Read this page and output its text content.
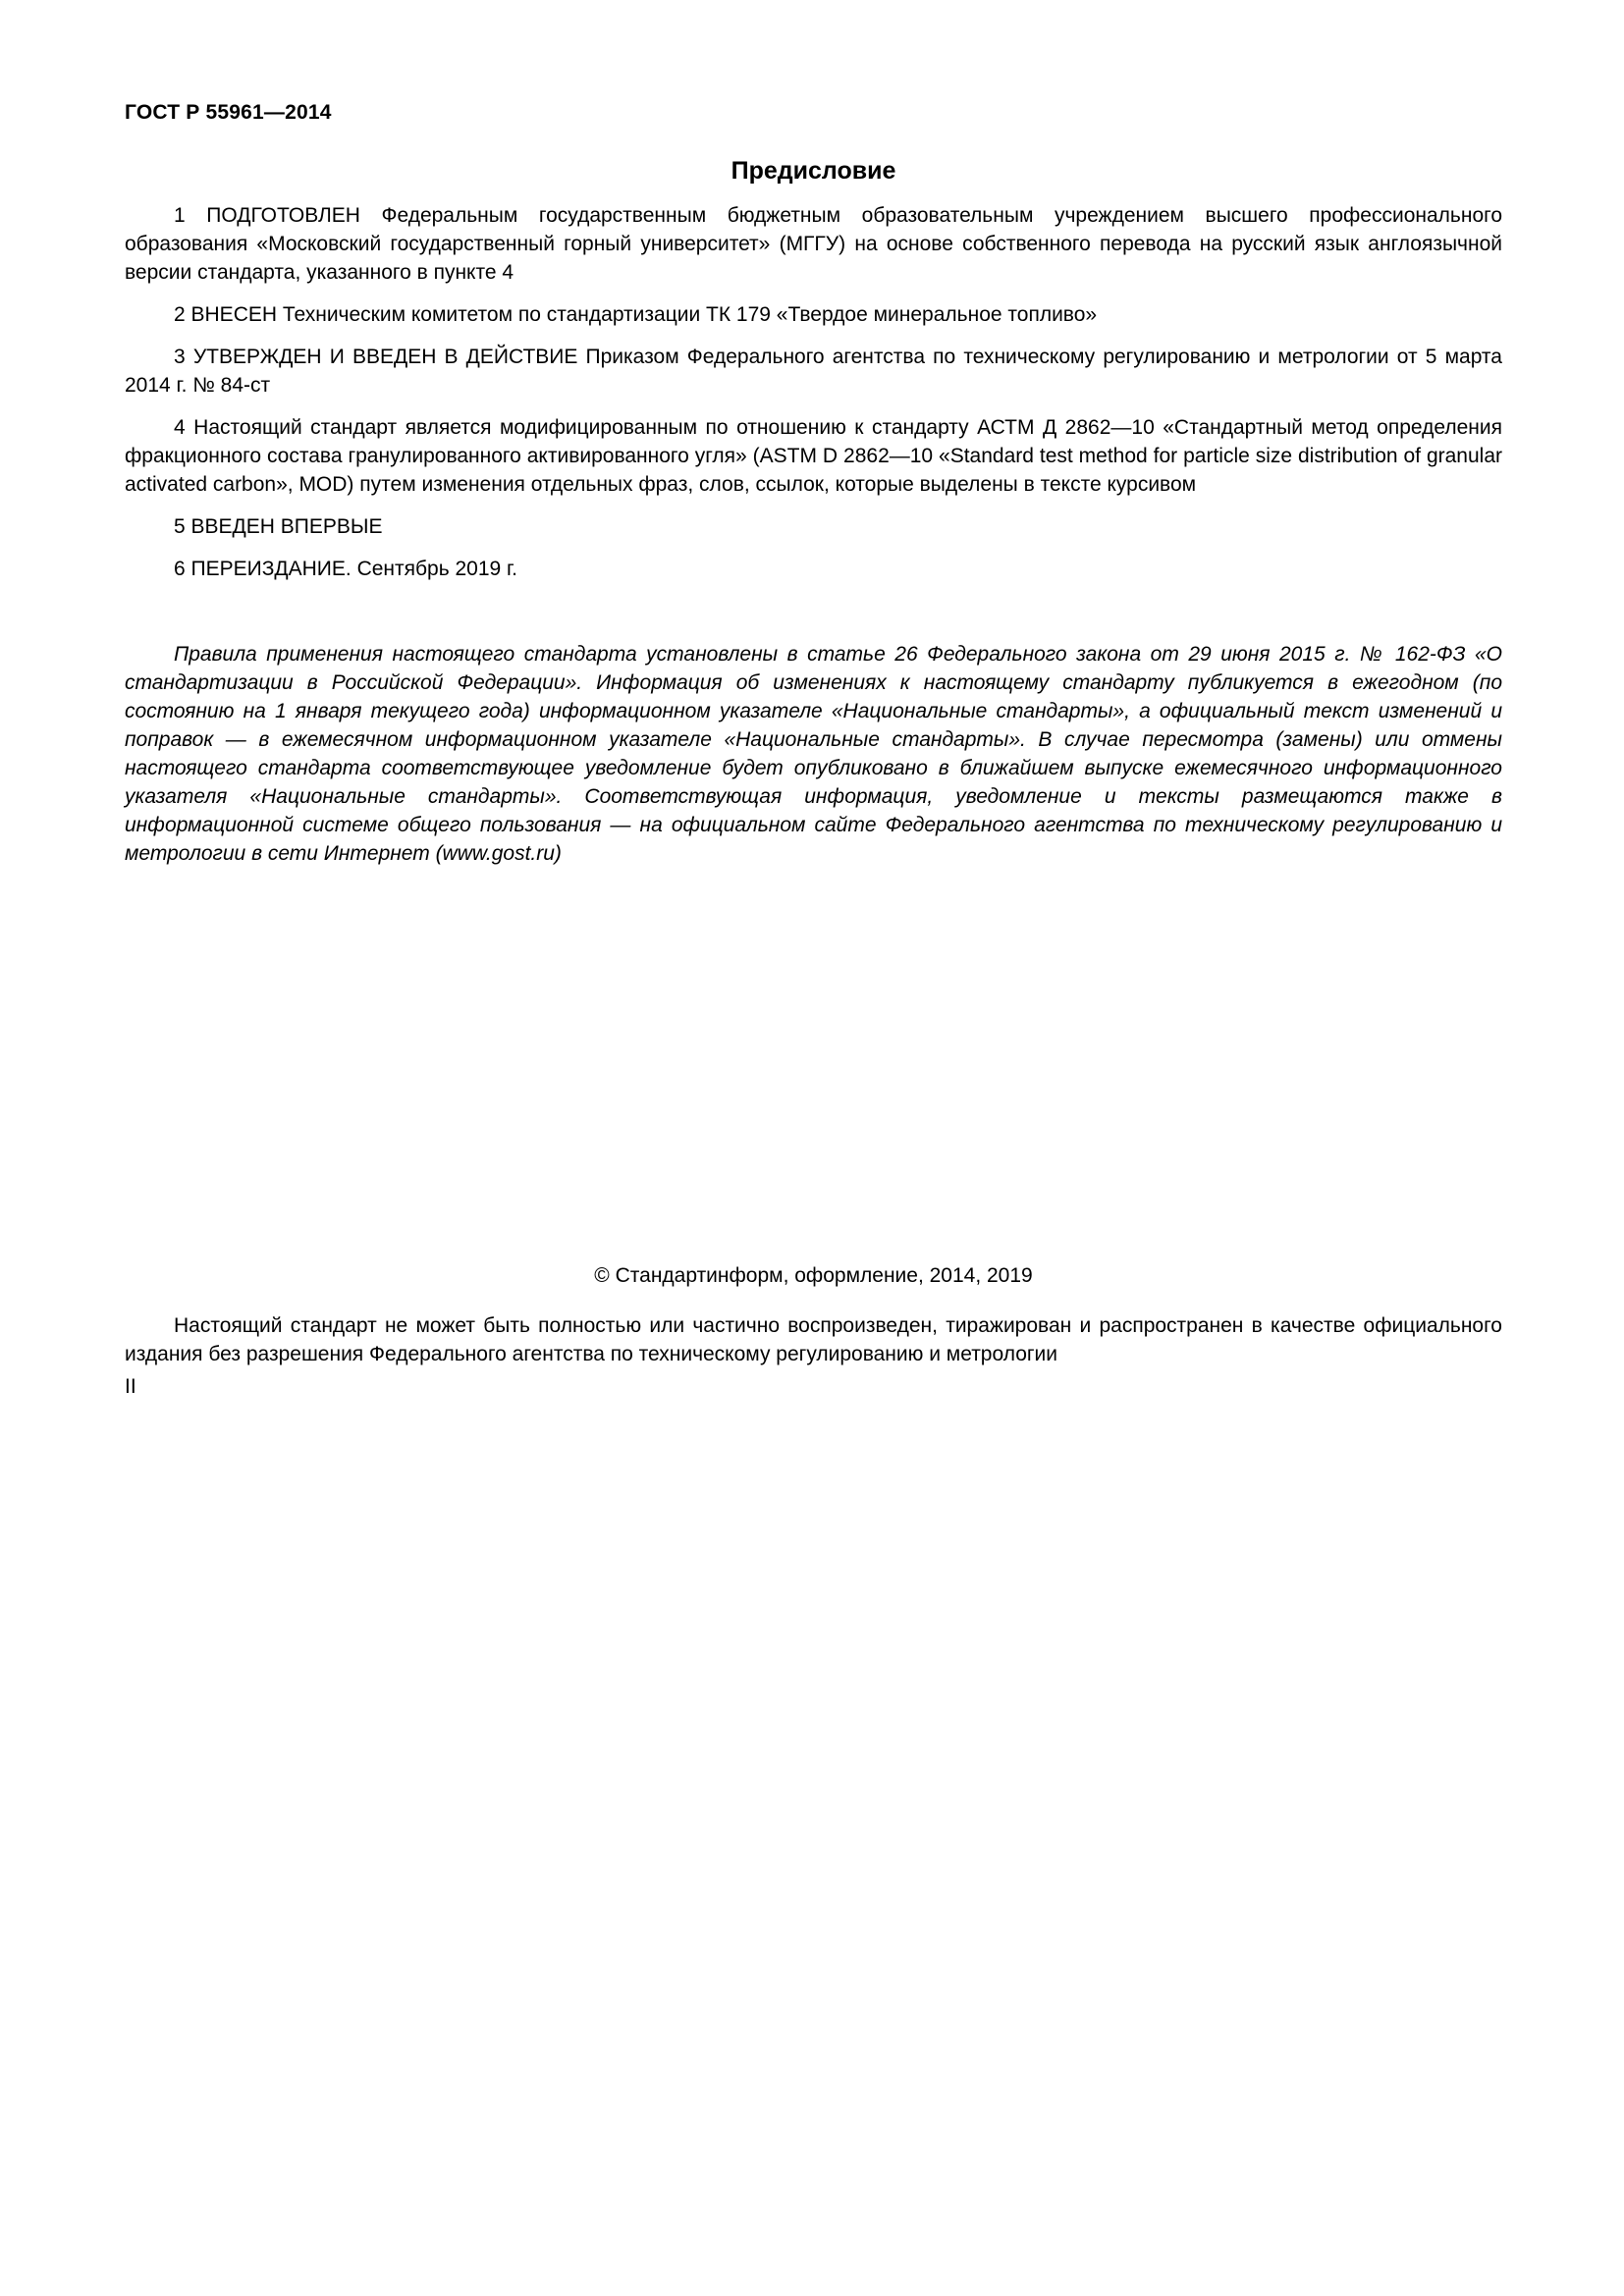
ГОСТ Р 55961—2014
Предисловие

1 ПОДГОТОВЛЕН Федеральным государственным бюджетным образовательным учреждением высшего профессионального образования «Московский государственный горный университет» (МГГУ) на основе собственного перевода на русский язык англоязычной версии стандарта, указанного в пункте 4

2 ВНЕСЕН Техническим комитетом по стандартизации ТК 179 «Твердое минеральное топливо»

3 УТВЕРЖДЕН И ВВЕДЕН В ДЕЙСТВИЕ Приказом Федерального агентства по техническому регулированию и метрологии от 5 марта 2014 г. № 84-ст

4 Настоящий стандарт является модифицированным по отношению к стандарту АСТМ Д 2862—10 «Стандартный метод определения фракционного состава гранулированного активированного угля» (ASTM D 2862—10 «Standard test method for particle size distribution of granular activated carbon», MOD) путем изменения отдельных фраз, слов, ссылок, которые выделены в тексте курсивом

5 ВВЕДЕН ВПЕРВЫЕ

6 ПЕРЕИЗДАНИЕ. Сентябрь 2019 г.

Правила применения настоящего стандарта установлены в статье 26 Федерального закона от 29 июня 2015 г. № 162-ФЗ «О стандартизации в Российской Федерации». Информация об изменениях к настоящему стандарту публикуется в ежегодном (по состоянию на 1 января текущего года) информационном указателе «Национальные стандарты», а официальный текст изменений и поправок — в ежемесячном информационном указателе «Национальные стандарты». В случае пересмотра (замены) или отмены настоящего стандарта соответствующее уведомление будет опубликовано в ближайшем выпуске ежемесячного информационного указателя «Национальные стандарты». Соответствующая информация, уведомление и тексты размещаются также в информационной системе общего пользования — на официальном сайте Федерального агентства по техническому регулированию и метрологии в сети Интернет (www.gost.ru)

© Стандартинформ, оформление, 2014, 2019

Настоящий стандарт не может быть полностью или частично воспроизведен, тиражирован и распространен в качестве официального издания без разрешения Федерального агентства по техническому регулированию и метрологии

II
